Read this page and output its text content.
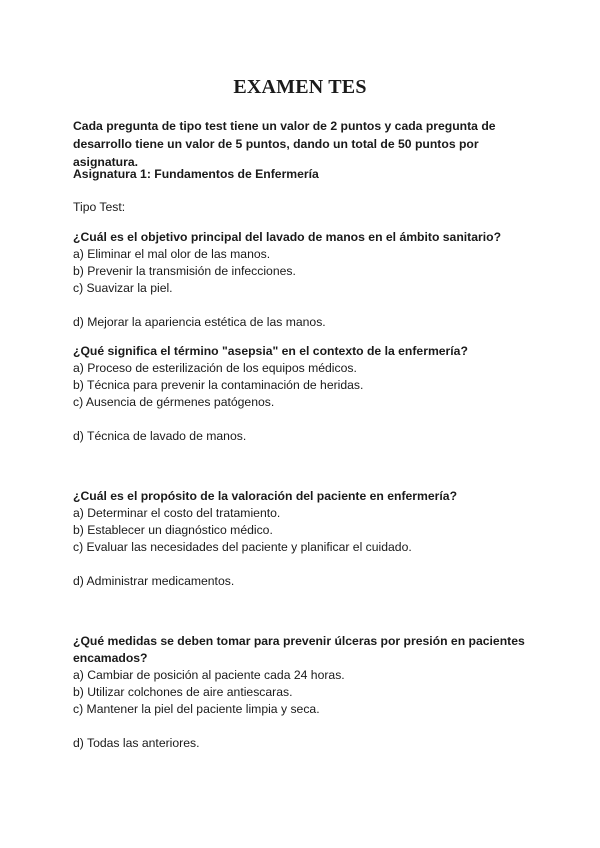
EXAMEN TES
Cada pregunta de tipo test tiene un valor de 2 puntos y cada pregunta de desarrollo tiene un valor de 5 puntos, dando un total de 50 puntos por asignatura.
Asignatura 1: Fundamentos de Enfermería
Tipo Test:
¿Cuál es el objetivo principal del lavado de manos en el ámbito sanitario?
a) Eliminar el mal olor de las manos.
b) Prevenir la transmisión de infecciones.
c) Suavizar la piel.
d) Mejorar la apariencia estética de las manos.
¿Qué significa el término "asepsia" en el contexto de la enfermería?
a) Proceso de esterilización de los equipos médicos.
b) Técnica para prevenir la contaminación de heridas.
c) Ausencia de gérmenes patógenos.
d) Técnica de lavado de manos.
¿Cuál es el propósito de la valoración del paciente en enfermería?
a) Determinar el costo del tratamiento.
b) Establecer un diagnóstico médico.
c) Evaluar las necesidades del paciente y planificar el cuidado.
d) Administrar medicamentos.
¿Qué medidas se deben tomar para prevenir úlceras por presión en pacientes encamados?
a) Cambiar de posición al paciente cada 24 horas.
b) Utilizar colchones de aire antiescaras.
c) Mantener la piel del paciente limpia y seca.
d) Todas las anteriores.
